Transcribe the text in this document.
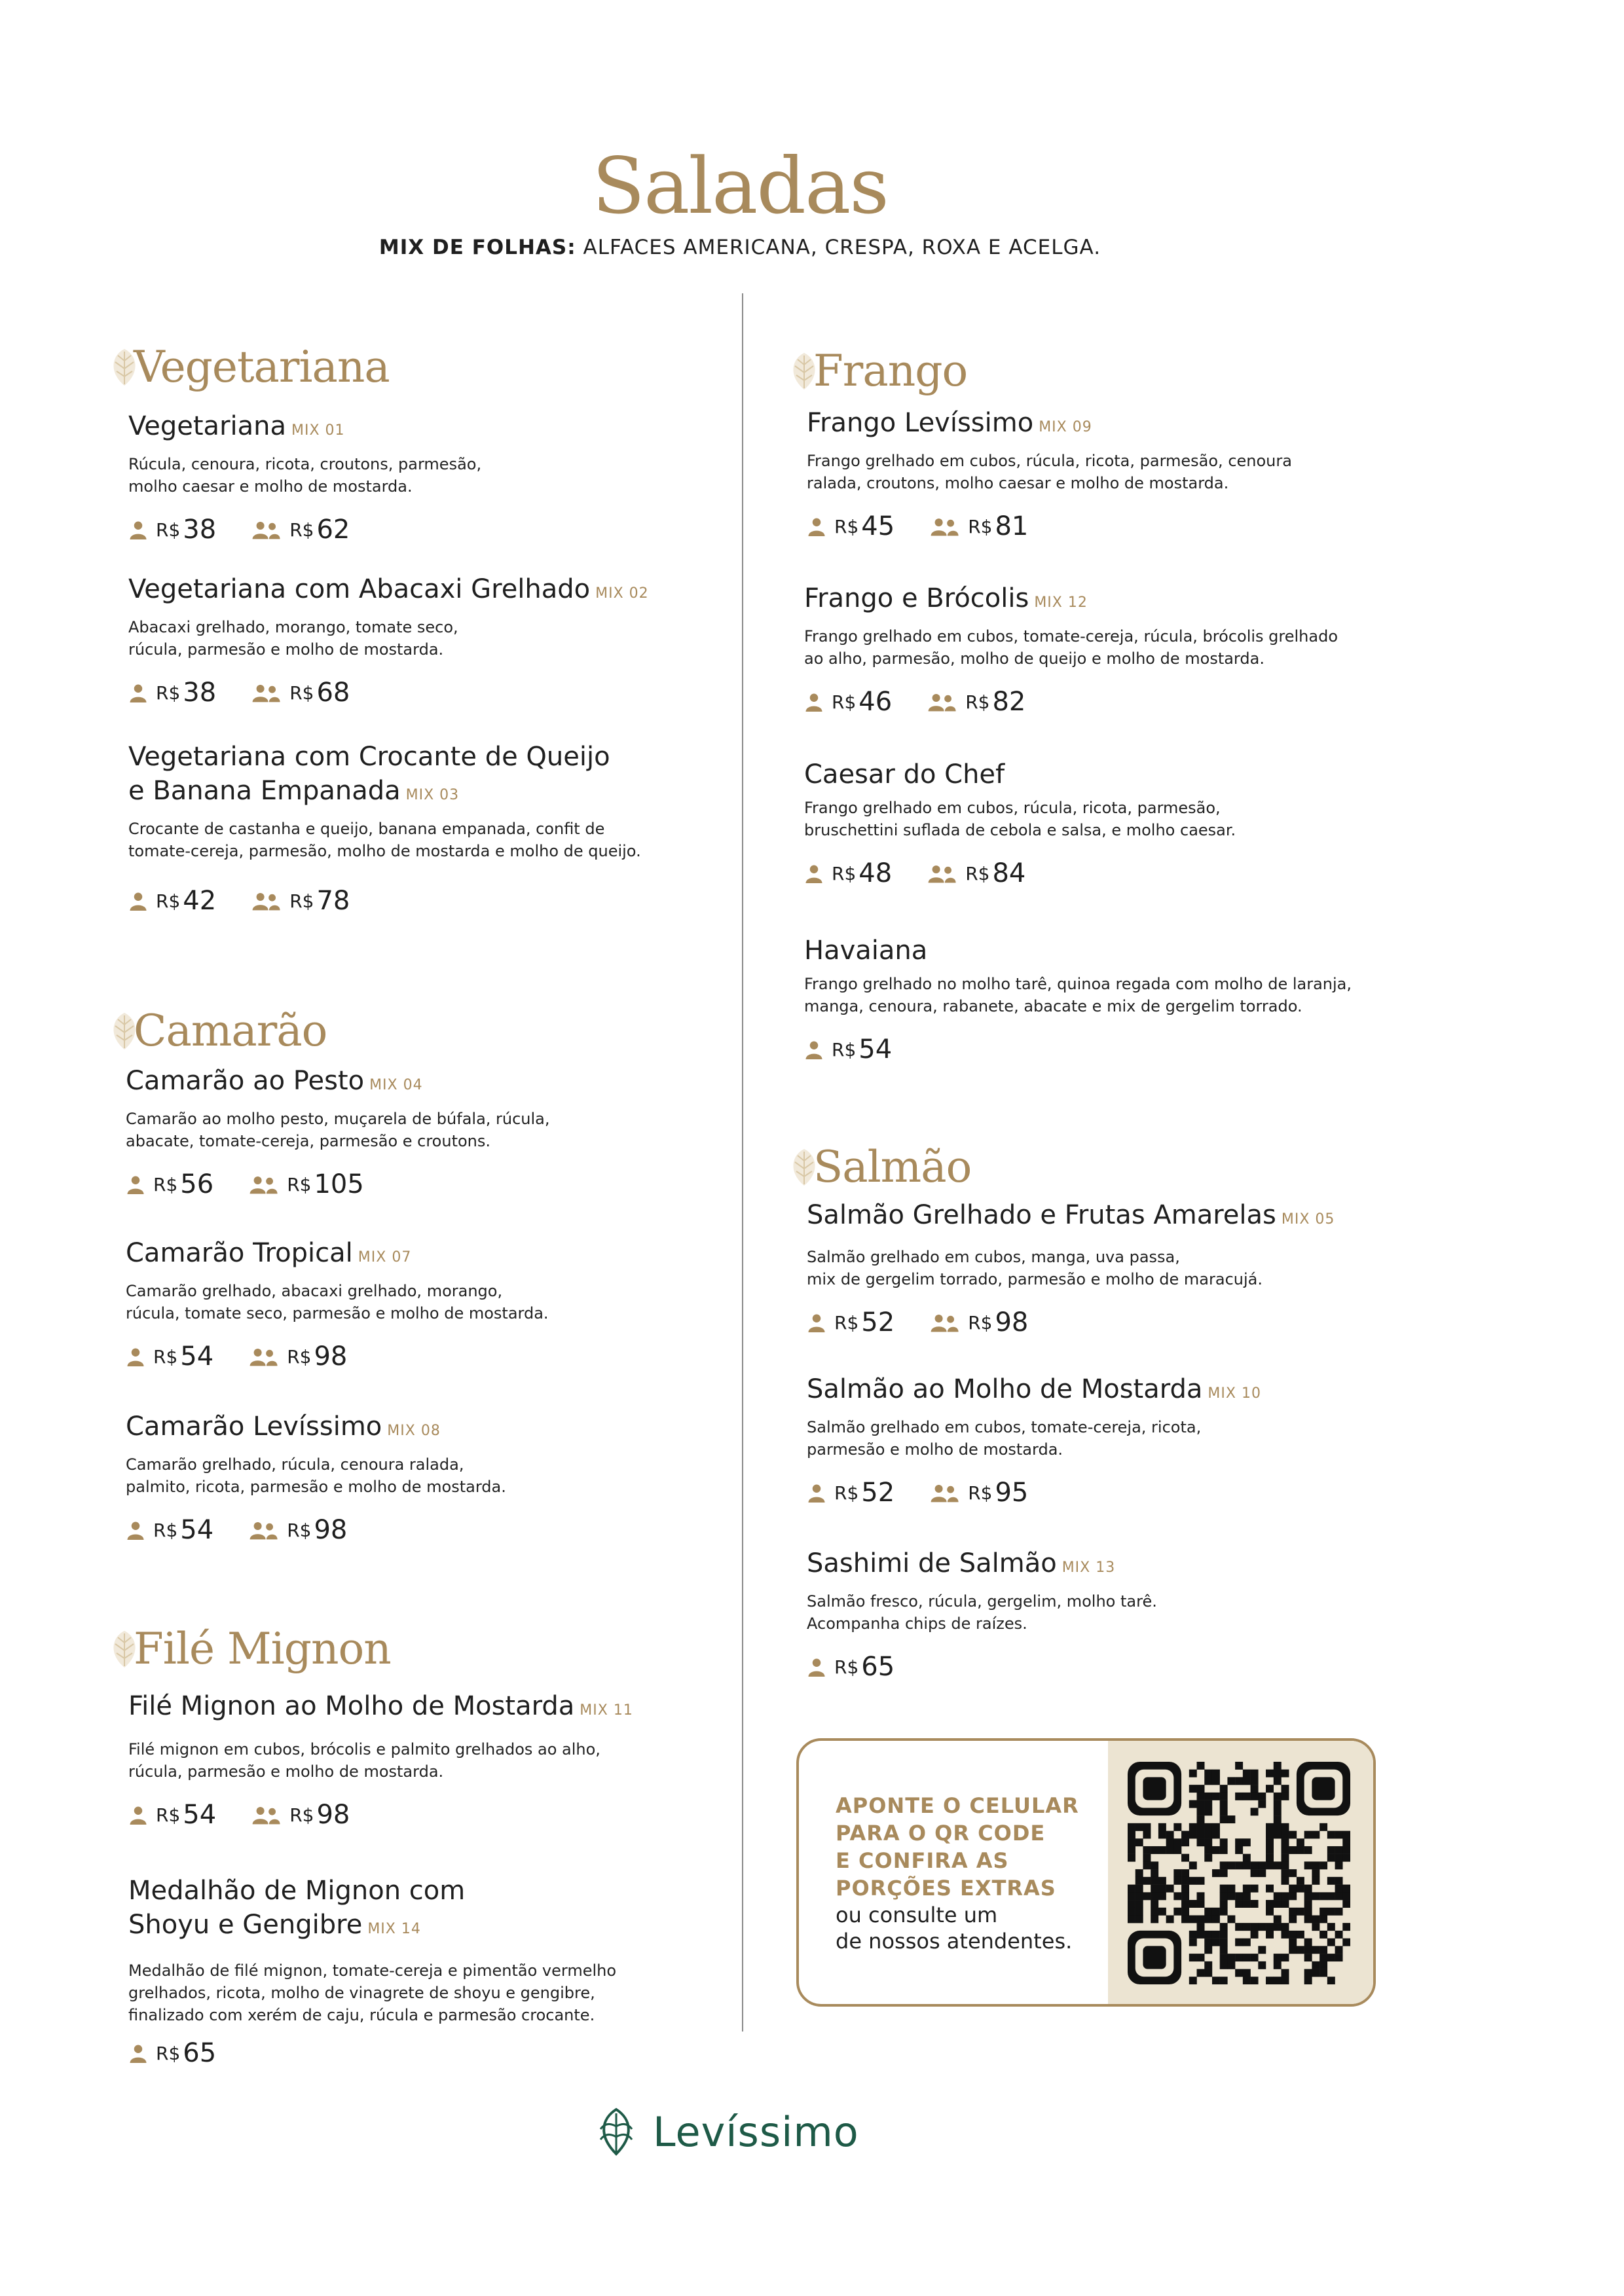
Saladas
MIX DE FOLHAS: ALFACES AMERICANA, CRESPA, ROXA E ACELGA.
Vegetariana
Vegetariana MIX 01
Rúcula, cenoura, ricota, croutons, parmesão,
molho caesar e molho de mostarda.
R$ 38	R$ 62
Vegetariana com Abacaxi Grelhado MIX 02
Abacaxi grelhado, morango, tomate seco,
rúcula, parmesão e molho de mostarda.
R$ 38	R$ 68
Vegetariana com Crocante de Queijo
e Banana Empanada MIX 03
Crocante de castanha e queijo, banana empanada, confit de
tomate-cereja, parmesão, molho de mostarda e molho de queijo.
R$ 42	R$ 78
Camarão
Camarão ao Pesto MIX 04
Camarão ao molho pesto, muçarela de búfala, rúcula,
abacate, tomate-cereja, parmesão e croutons.
R$ 56	R$ 105
Camarão Tropical MIX 07
Camarão grelhado, abacaxi grelhado, morango,
rúcula, tomate seco, parmesão e molho de mostarda.
R$ 54	R$ 98
Camarão Levíssimo MIX 08
Camarão grelhado, rúcula, cenoura ralada,
palmito, ricota, parmesão e molho de mostarda.
R$ 54	R$ 98
Filé Mignon
Filé Mignon ao Molho de Mostarda MIX 11
Filé mignon em cubos, brócolis e palmito grelhados ao alho,
rúcula, parmesão e molho de mostarda.
R$ 54	R$ 98
Medalhão de Mignon com
Shoyu e Gengibre MIX 14
Medalhão de filé mignon, tomate-cereja e pimentão vermelho
grelhados, ricota, molho de vinagrete de shoyu e gengibre,
finalizado com xerém de caju, rúcula e parmesão crocante.
R$ 65
Frango
Frango Levíssimo MIX 09
Frango grelhado em cubos, rúcula, ricota, parmesão, cenoura
ralada, croutons, molho caesar e molho de mostarda.
R$ 45	R$ 81
Frango e Brócolis MIX 12
Frango grelhado em cubos, tomate-cereja, rúcula, brócolis grelhado
ao alho, parmesão, molho de queijo e molho de mostarda.
R$ 46	R$ 82
Caesar do Chef
Frango grelhado em cubos, rúcula, ricota, parmesão,
bruschettini suflada de cebola e salsa, e molho caesar.
R$ 48	R$ 84
Havaiana
Frango grelhado no molho tarê, quinoa regada com molho de laranja,
manga, cenoura, rabanete, abacate e mix de gergelim torrado.
R$ 54
Salmão
Salmão Grelhado e Frutas Amarelas MIX 05
Salmão grelhado em cubos, manga, uva passa,
mix de gergelim torrado, parmesão e molho de maracujá.
R$ 52	R$ 98
Salmão ao Molho de Mostarda MIX 10
Salmão grelhado em cubos, tomate-cereja, ricota,
parmesão e molho de mostarda.
R$ 52	R$ 95
Sashimi de Salmão MIX 13
Salmão fresco, rúcula, gergelim, molho tarê.
Acompanha chips de raízes.
R$ 65
APONTE O CELULAR
PARA O QR CODE
E CONFIRA AS
PORÇÕES EXTRAS
ou consulte um
de nossos atendentes.
Levíssimo
